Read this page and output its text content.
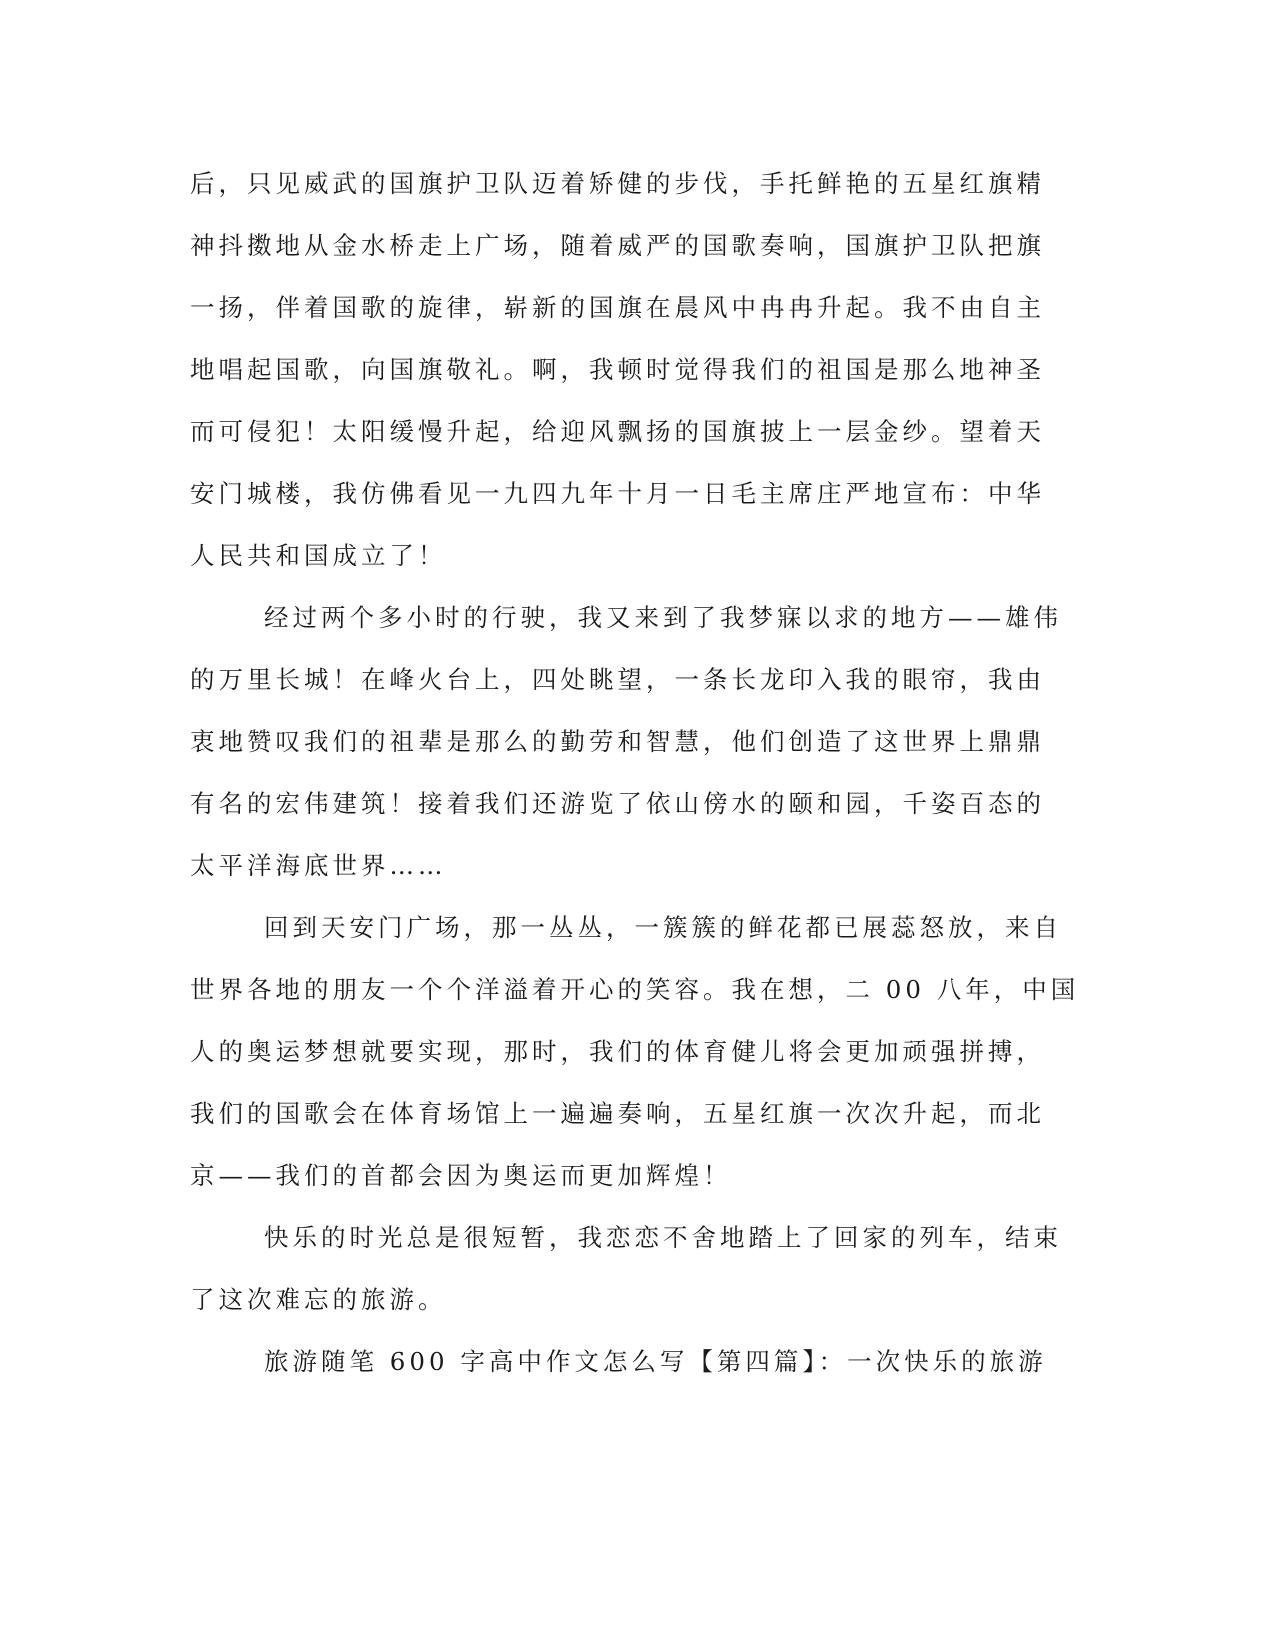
后，只见威武的国旗护卫队迈着矫健的步伐，手托鲜艳的五星红旗精
神抖擞地从金水桥走上广场，随着威严的国歌奏响，国旗护卫队把旗
一扬，伴着国歌的旋律，崭新的国旗在晨风中冉冉升起。我不由自主
地唱起国歌，向国旗敬礼。啊，我顿时觉得我们的祖国是那么地神圣
而可侵犯！太阳缓慢升起，给迎风飘扬的国旗披上一层金纱。望着天
安门城楼，我仿佛看见一九四九年十月一日毛主席庄严地宣布：中华
人民共和国成立了！
经过两个多小时的行驶，我又来到了我梦寐以求的地方——雄伟
的万里长城！在峰火台上，四处眺望，一条长龙印入我的眼帘，我由
衷地赞叹我们的祖辈是那么的勤劳和智慧，他们创造了这世界上鼎鼎
有名的宏伟建筑！接着我们还游览了依山傍水的颐和园，千姿百态的
太平洋海底世界……
回到天安门广场，那一丛丛，一簇簇的鲜花都已展蕊怒放，来自
世界各地的朋友一个个洋溢着开心的笑容。我在想，二 00 八年，中国
人的奥运梦想就要实现，那时，我们的体育健儿将会更加顽强拼搏，
我们的国歌会在体育场馆上一遍遍奏响，五星红旗一次次升起，而北
京——我们的首都会因为奥运而更加辉煌！
快乐的时光总是很短暂，我恋恋不舍地踏上了回家的列车，结束
了这次难忘的旅游。
旅游随笔 600 字高中作文怎么写【第四篇】：一次快乐的旅游
